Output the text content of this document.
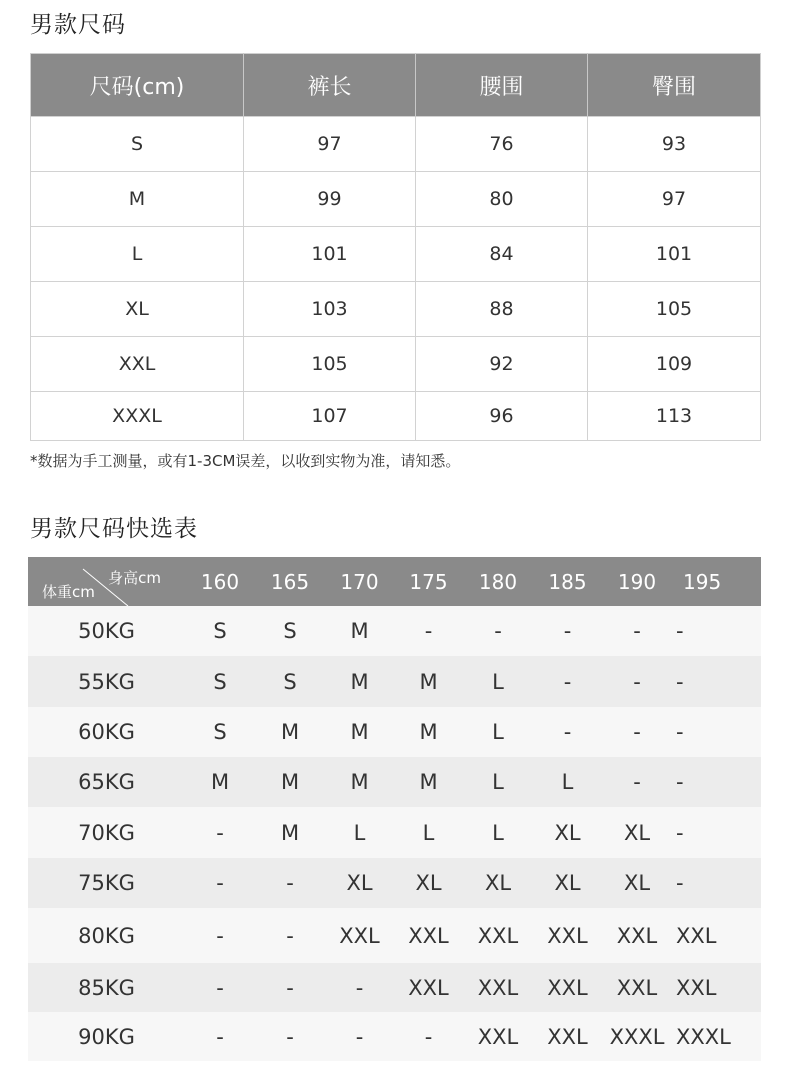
男款尺码
尺码(cm)	裤长	腰围	臀围
S	97	76	93
M	99	80	97
L	101	84	101
XL	103	88	105
XXL	105	92	109
XXXL	107	96	113
*数据为手工测量，或有1-3CM误差，以收到实物为准，请知悉。
男款尺码快选表
身高cm
体重cm	160	165	170	175	180	185	190	195
50KG	S	S	M	-	-	-	-	-
55KG	S	S	M	M	L	-	-	-
60KG	S	M	M	M	L	-	-	-
65KG	M	M	M	M	L	L	-	-
70KG	-	M	L	L	L	XL	XL	-
75KG	-	-	XL	XL	XL	XL	XL	-
80KG	-	-	XXL	XXL	XXL	XXL	XXL	XXL
85KG	-	-	-	XXL	XXL	XXL	XXL	XXL
90KG	-	-	-	-	XXL	XXL	XXXL	XXXL
